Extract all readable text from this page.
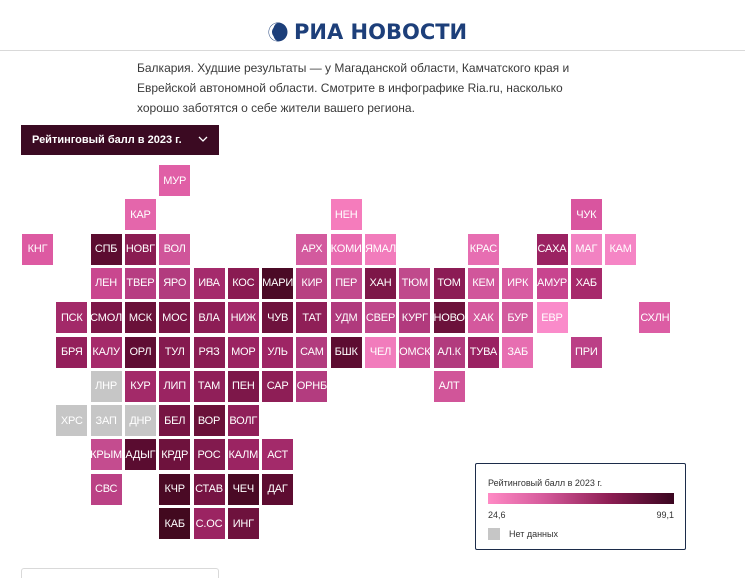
РИА НОВОСТИ
Балкария. Худшие результаты — у Магаданской области, Камчатского края и Еврейской автономной области. Смотрите в инфографике Ria.ru, насколько хорошо заботятся о себе жители вашего региона.
Рейтинговый балл в 2023 г.
МУР
КАР	НЕН	ЧУК
КНГ	СПБ НОВГ ВОЛ	АРХ КОМИ ЯМАЛ	КРАС	САХА МАГ	КАМ
ЛЕН ТВЕР ЯРО	ИВА	КОС МАРИ КИР	ПЕР	ХАН ТЮМ ТОМ	КЕМ	ИРК АМУР ХАБ
ПСК СМОЛ МСК МОС	ВЛА	НИЖ	ЧУВ	ТАТ	УДМ СВЕР КУРГ НОВО ХАК	БУР	ЕВР	СХЛН
БРЯ КАЛУ ОРЛ	ТУЛ	РЯЗ	МОР	УЛЬ	САМ БШК	ЧЕЛ ОМСК АЛ.К ТУВА ЗАБ	ПРИ
ЛНР	КУР	ЛИП	ТАМ	ПЕН	САР ОРНБ	АЛТ
ХРС	ЗАП	ДНР	БЕЛ	ВОР ВОЛГ
КРЫМ АДЫГ КРДР РОС КАЛМ АСТ
СВС	КЧР СТАВ ЧЕЧ	ДАГ
КАБ С.ОС ИНГ
Рейтинговый балл в 2023 г.
24,6	99,1
Нет данных
